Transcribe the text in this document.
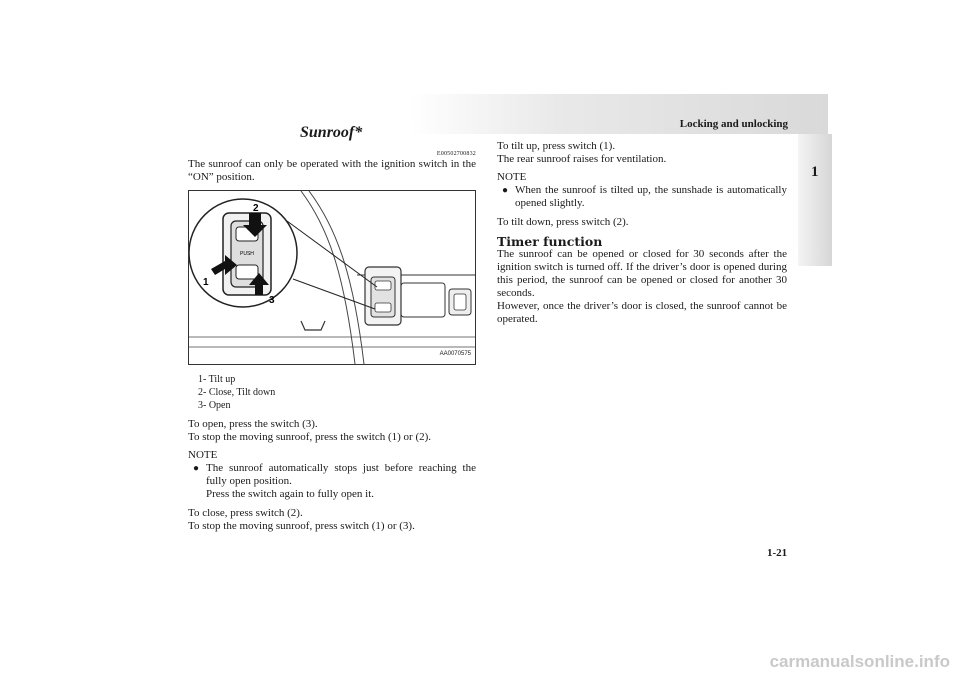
Locking and unlocking
1
Sunroof*
E00502700832

The sunroof can only be operated with the ignition switch in the “ON” position.

PUSH
2
1
3
AA0070575
1- Tilt up
2- Close, Tilt down
3- Open

To open, press the switch (3).

To stop the moving sunroof, press the switch (1) or (2).

NOTE

● The sunroof automatically stops just before reaching the fully open position.

Press the switch again to fully open it.

To close, press switch (2).

To stop the moving sunroof, press switch (1) or (3).

To tilt up, press switch (1).

The rear sunroof raises for ventilation.

NOTE

● When the sunroof is tilted up, the sunshade is automatically opened slightly.

To tilt down, press switch (2).

Timer function

The sunroof can be opened or closed for 30 seconds after the ignition switch is turned off. If the driver’s door is opened during this period, the sunroof can be opened or closed for another 30 seconds.

However, once the driver’s door is closed, the sunroof cannot be operated.

1-21
carmanualsonline.info
